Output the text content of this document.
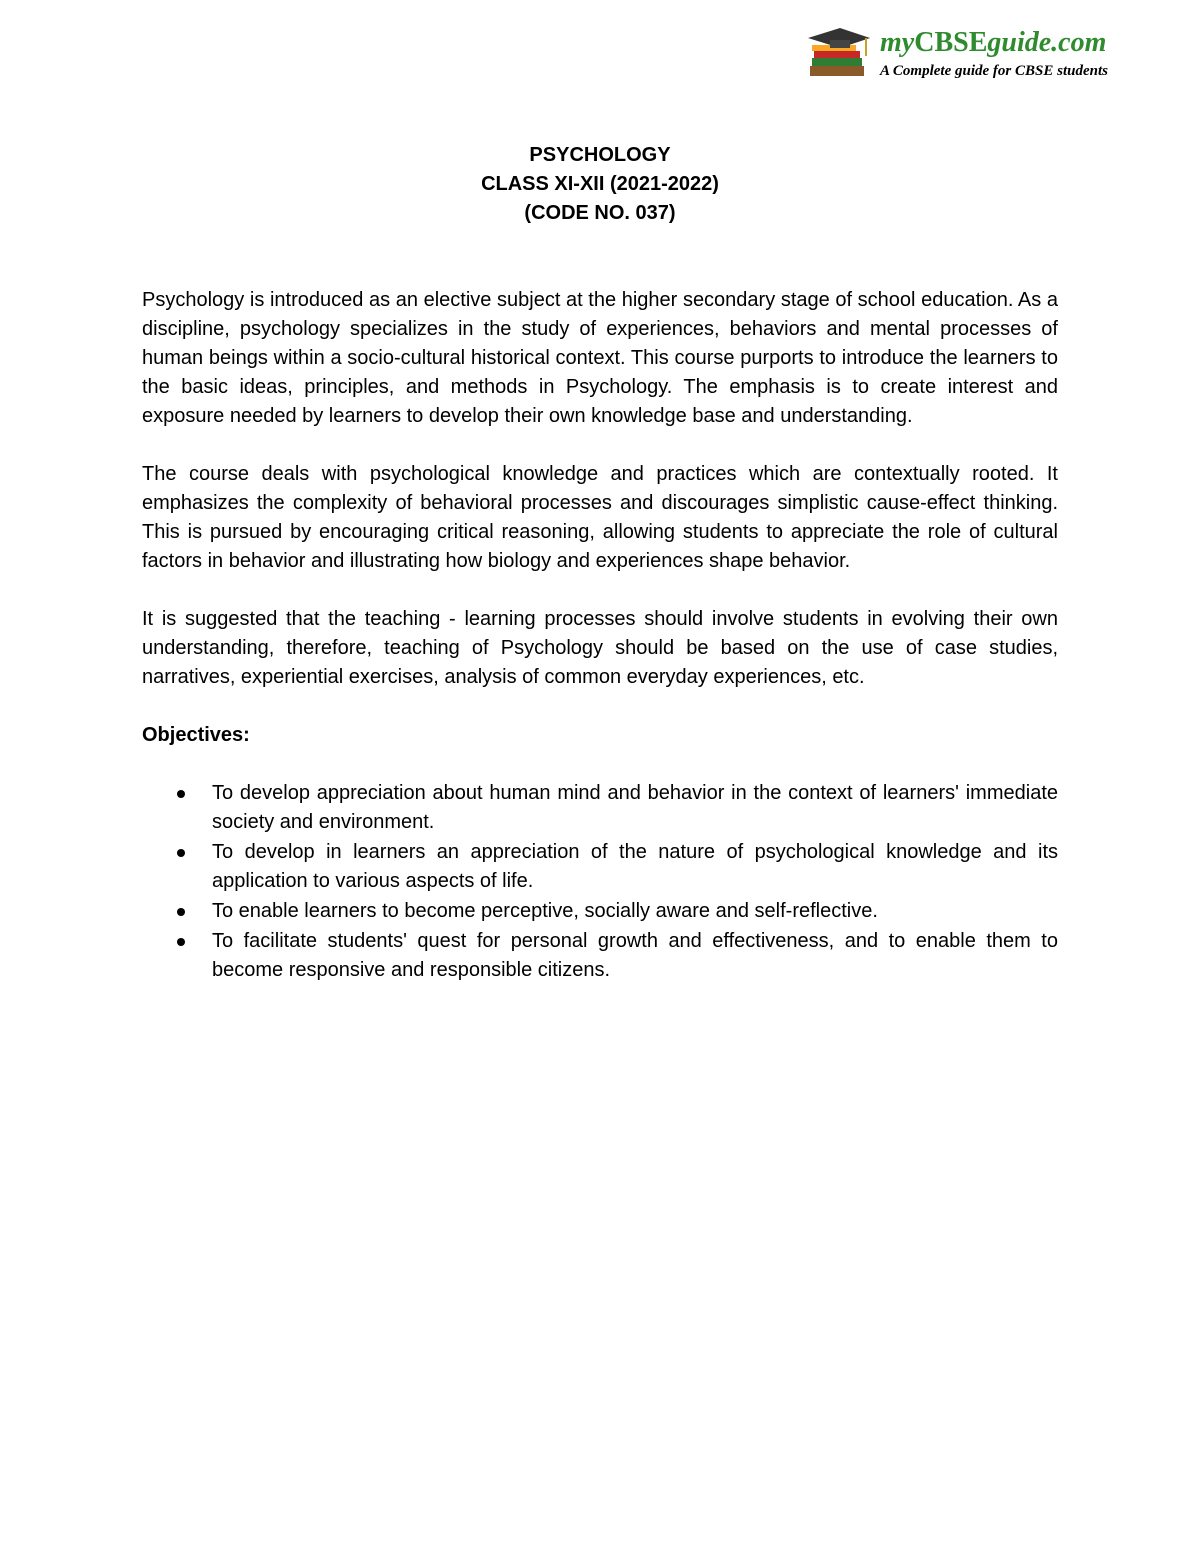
myCBSEguide.com
A Complete guide for CBSE students
PSYCHOLOGY
CLASS XI-XII (2021-2022)
(CODE NO. 037)

Psychology is introduced as an elective subject at the higher secondary stage of school education. As a discipline, psychology specializes in the study of experiences, behaviors and mental processes of human beings within a socio-cultural historical context. This course purports to introduce the learners to the basic ideas, principles, and methods in Psychology. The emphasis is to create interest and exposure needed by learners to develop their own knowledge base and understanding.

The course deals with psychological knowledge and practices which are contextually rooted. It emphasizes the complexity of behavioral processes and discourages simplistic cause-effect thinking. This is pursued by encouraging critical reasoning, allowing students to appreciate the role of cultural factors in behavior and illustrating how biology and experiences shape behavior.

It is suggested that the teaching - learning processes should involve students in evolving their own understanding, therefore, teaching of Psychology should be based on the use of case studies, narratives, experiential exercises, analysis of common everyday experiences, etc.

Objectives:
To develop appreciation about human mind and behavior in the context of learners' immediate society and environment.
To develop in learners an appreciation of the nature of psychological knowledge and its application to various aspects of life.
To enable learners to become perceptive, socially aware and self-reflective.
To facilitate students' quest for personal growth and effectiveness, and to enable them to become responsive and responsible citizens.
